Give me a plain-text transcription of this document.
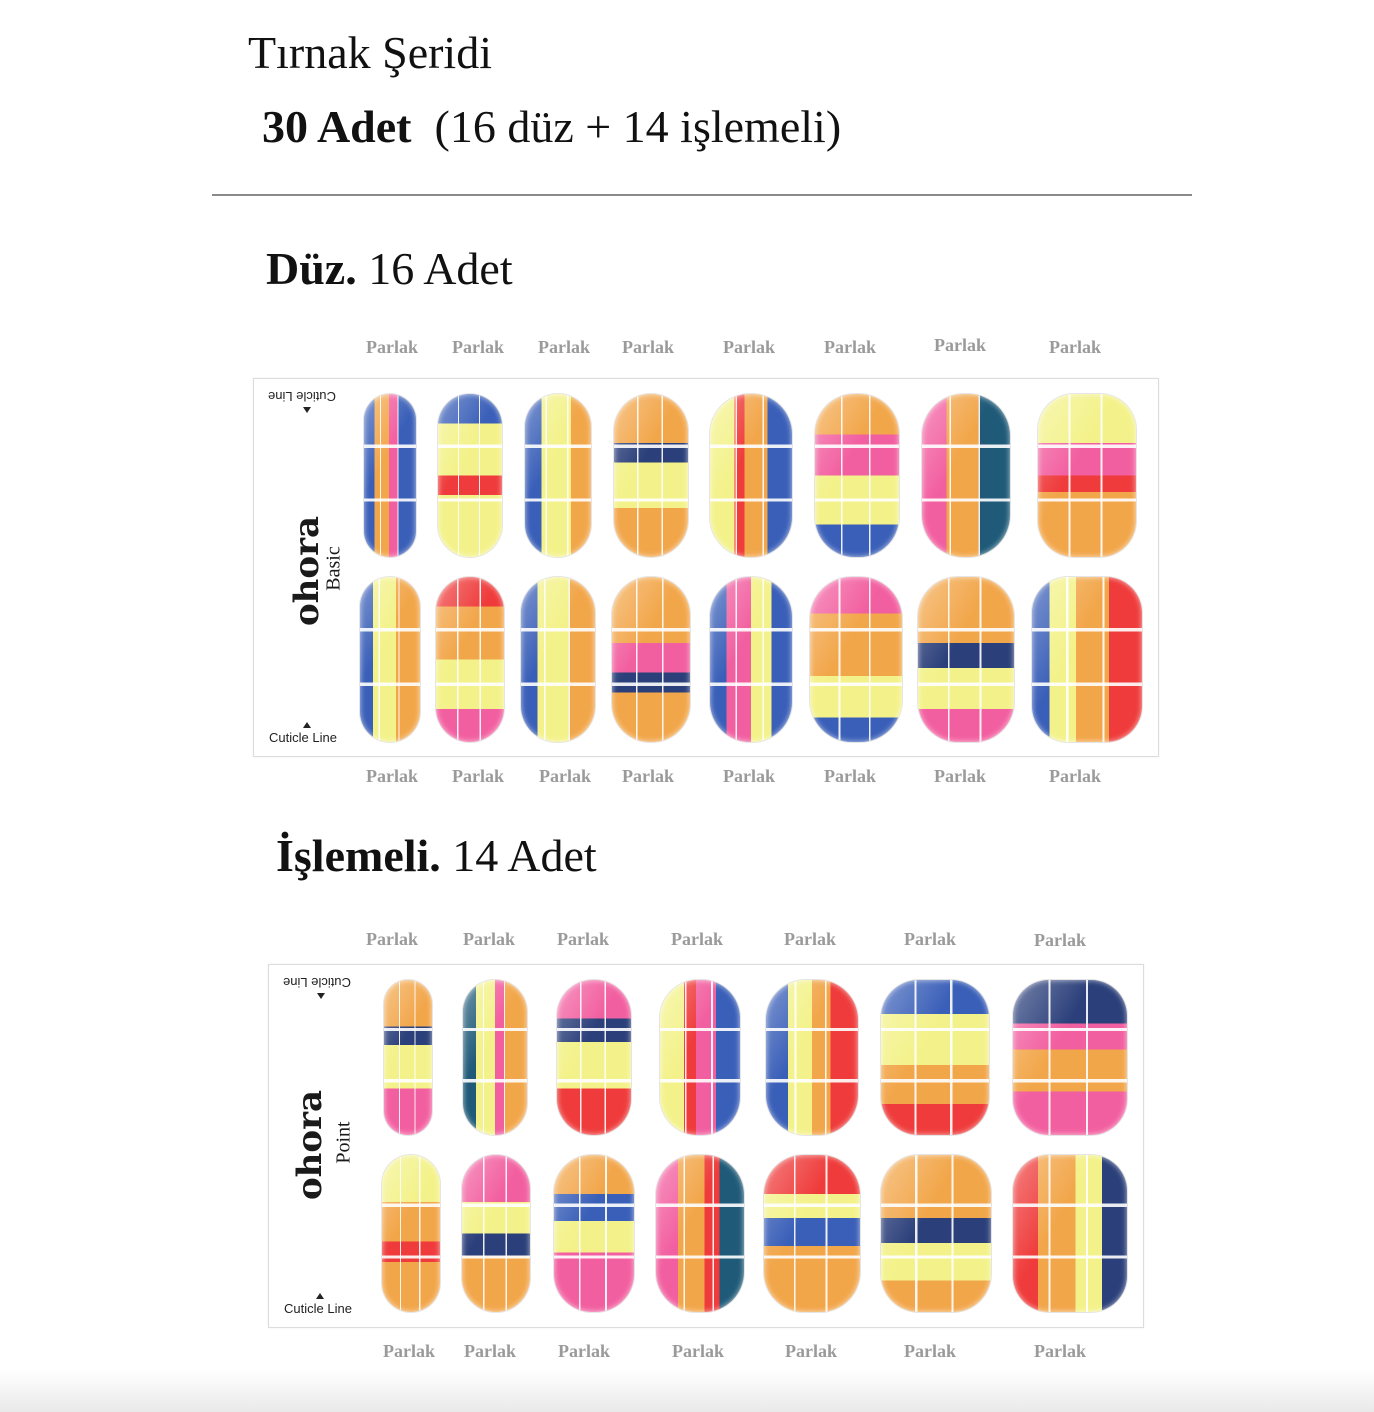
Tırnak Şeridi
30 Adet (16 düz + 14 işlemeli)
Düz. 16 Adet
Parlak Parlak Parlak Parlak	Parlak	Parlak	Parlak	Parlak
Cuticle Line
ohora
Basic
Cuticle Line
Parlak Parlak Parlak Parlak	Parlak	Parlak	Parlak	Parlak
İşlemeli. 14 Adet
Parlak	Parlak Parlak	Parlak	Parlak	Parlak	Parlak
Cuticle Line
ohora Point
Cuticle Line
Parlak Parlak Parlak	Parlak	Parlak	Parlak	Parlak
